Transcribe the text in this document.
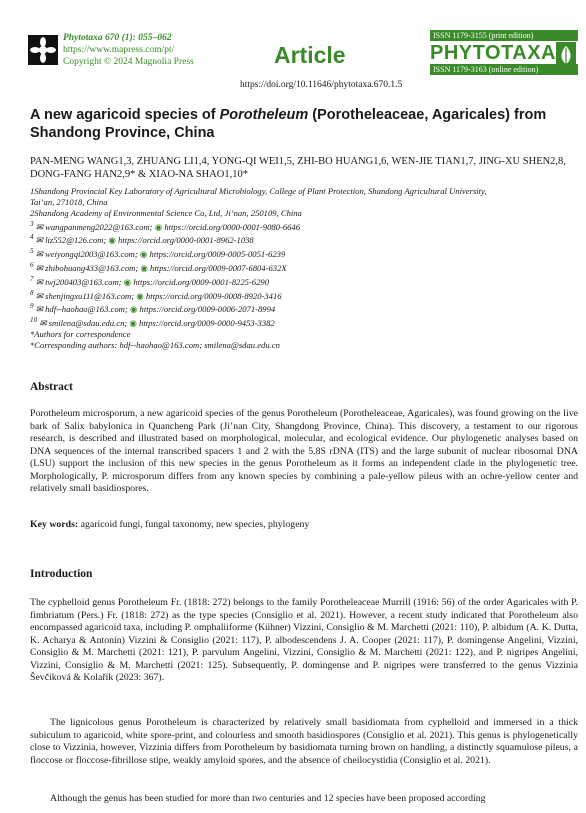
Phytotaxa 670 (1): 055–062
https://www.mapress.com/pt/
Copyright © 2024 Magnolia Press	Article
ISSN 1179-3155 (print edition)
PHYTOTAXA
ISSN 1179-3163 (online edition)
https://doi.org/10.11646/phytotaxa.670.1.5
A new agaricoid species of Porotheleum (Porotheleaceae, Agaricales) from Shandong Province, China
PAN-MENG WANG1,3, ZHUANG LI1,4, YONG-QI WEI1,5, ZHI-BO HUANG1,6, WEN-JIE TIAN1,7, JING-XU SHEN2,8,
DONG-FANG HAN2,9* & XIAO-NA SHAO1,10*
1Shandong Provincial Key Laboratory of Agricultural Microbiology, College of Plant Protection, Shandong Agricultural University,
Tai’an, 271018, China
2Shandong Academy of Environmental Science Co, Ltd, Ji’nan, 250109, China
$^3$ ✉ wangpanmeng2022@163.com; ◉ https://orcid.org/0000-0001-9080-6646
$^4$ ✉ liz552@126.com; ◉ https://orcid.org/0000-0001-8962-1038
$^5$ ✉ weiyongqi2003@163.com; ◉ https://orcid.org/0009-0005-0051-6239
$^6$ ✉ zhibohuang433@163.com; ◉ https://orcid.org/0009-0007-6804-632X
$^7$ ✉ twj200403@163.com; ◉ https://orcid.org/0009-0001-8225-6290
$^8$ ✉ shenjingxu111@163.com; ◉ https://orcid.org/0009-0008-8920-3416
$^9$ ✉ hdf--haohao@163.com; ◉ https://orcid.org/0009-0006-2071-8994
$^{10}$ ✉ smilena@sdau.edu.cn; ◉ https://orcid.org/0009-0000-9453-3382
*Authors for correspondence
*Corresponding authors: hdf--haohao@163.com; smilena@sdau.edu.cn
Abstract
Porotheleum microsporum, a new agaricoid species of the genus Porotheleum (Porotheleaceae, Agaricales), was found growing on the live bark of Salix babylonica in Quancheng Park (Ji’nan City, Shangdong Province, China). This discovery, a testament to our rigorous research, is described and illustrated based on morphological, molecular, and ecological evidence. Our phylogenetic analyses based on DNA sequences of the internal transcribed spacers 1 and 2 with the 5.8S rDNA (ITS) and the large subunit of nuclear ribosomal DNA (LSU) support the inclusion of this new species in the genus Porotheleum as it forms an independent clade in the phylogenetic tree. Morphologically, P. microsporum differs from any known species by combining a pale-yellow pileus with an ochre-yellow center and relatively small basidiospores.
Key words: agaricoid fungi, fungal taxonomy, new species, phylogeny
Introduction
The cyphelloid genus Porotheleum Fr. (1818: 272) belongs to the family Porotheleaceae Murrill (1916: 56) of the order Agaricales with P. fimbriatum (Pers.) Fr. (1818: 272) as the type species (Consiglio et al. 2021). However, a recent study indicated that Porotheleum also encompassed agaricoid taxa, including P. omphaliiforme (Kühner) Vizzini, Consiglio & M. Marchetti (2021: 110), P. albidum (A. K. Dutta, K. Acharya & Antonín) Vizzini & Consiglio (2021: 117), P. albodescendens J. A. Cooper (2021: 117), P. domingense Angelini, Vizzini, Consiglio & M. Marchetti (2021: 121), P. parvulum Angelini, Vizzini, Consiglio & M. Marchetti (2021: 122), and P. nigripes Angelini, Vizzini, Consiglio & M. Marchetti (2021: 125). Subsequently, P. domingense and P. nigripes were transferred to the genus Vizzinia Ševčíková & Kolařík (2023: 367).
The lignicolous genus Porotheleum is characterized by relatively small basidiomata from cyphelloid and immersed in a thick subiculum to agaricoid, white spore-print, and colourless and smooth basidiospores (Consiglio et al. 2021). This genus is phylogenetically close to Vizzinia, however, Vizzinia differs from Porotheleum by basidiomata turning brown on handling, a distinctly squamulose pileus, a floccose or floccose-fibrillose stipe, weakly amyloid spores, and the absence of cheilocystidia (Consiglio et al. 2021).
Although the genus has been studied for more than two centuries and 12 species have been proposed according
